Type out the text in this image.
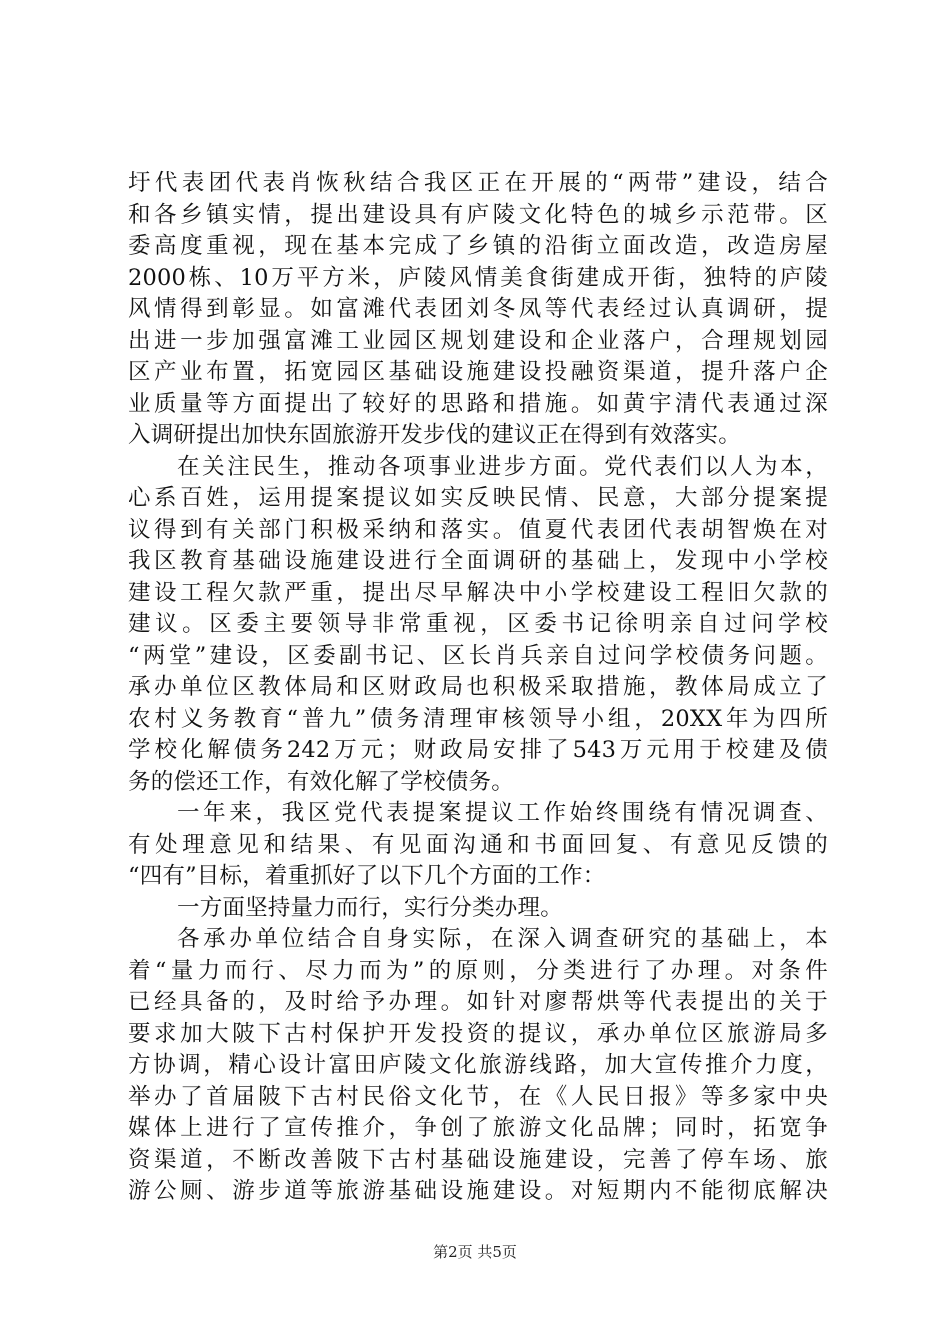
圩代表团代表肖恢秋结合我区正在开展的“两带”建设，结合
和各乡镇实情，提出建设具有庐陵文化特色的城乡示范带。区
委高度重视，现在基本完成了乡镇的沿街立面改造，改造房屋
2000栋、10万平方米，庐陵风情美食街建成开街，独特的庐陵
风情得到彰显。如富滩代表团刘冬凤等代表经过认真调研，提
出进一步加强富滩工业园区规划建设和企业落户，合理规划园
区产业布置，拓宽园区基础设施建设投融资渠道，提升落户企
业质量等方面提出了较好的思路和措施。如黄宇清代表通过深
入调研提出加快东固旅游开发步伐的建议正在得到有效落实。
在关注民生，推动各项事业进步方面。党代表们以人为本，
心系百姓，运用提案提议如实反映民情、民意，大部分提案提
议得到有关部门积极采纳和落实。值夏代表团代表胡智焕在对
我区教育基础设施建设进行全面调研的基础上，发现中小学校
建设工程欠款严重，提出尽早解决中小学校建设工程旧欠款的
建议。区委主要领导非常重视，区委书记徐明亲自过问学校
“两堂”建设，区委副书记、区长肖兵亲自过问学校债务问题。
承办单位区教体局和区财政局也积极采取措施，教体局成立了
农村义务教育“普九”债务清理审核领导小组，20XX年为四所
学校化解债务242万元；财政局安排了543万元用于校建及债
务的偿还工作，有效化解了学校债务。
一年来，我区党代表提案提议工作始终围绕有情况调查、
有处理意见和结果、有见面沟通和书面回复、有意见反馈的
“四有”目标，着重抓好了以下几个方面的工作：
一方面坚持量力而行，实行分类办理。
各承办单位结合自身实际，在深入调查研究的基础上，本
着“量力而行、尽力而为”的原则，分类进行了办理。对条件
已经具备的，及时给予办理。如针对廖帮烘等代表提出的关于
要求加大陂下古村保护开发投资的提议，承办单位区旅游局多
方协调，精心设计富田庐陵文化旅游线路，加大宣传推介力度，
举办了首届陂下古村民俗文化节，在《人民日报》等多家中央
媒体上进行了宣传推介，争创了旅游文化品牌；同时，拓宽争
资渠道，不断改善陂下古村基础设施建设，完善了停车场、旅
游公厕、游步道等旅游基础设施建设。对短期内不能彻底解决
第2页 共5页
